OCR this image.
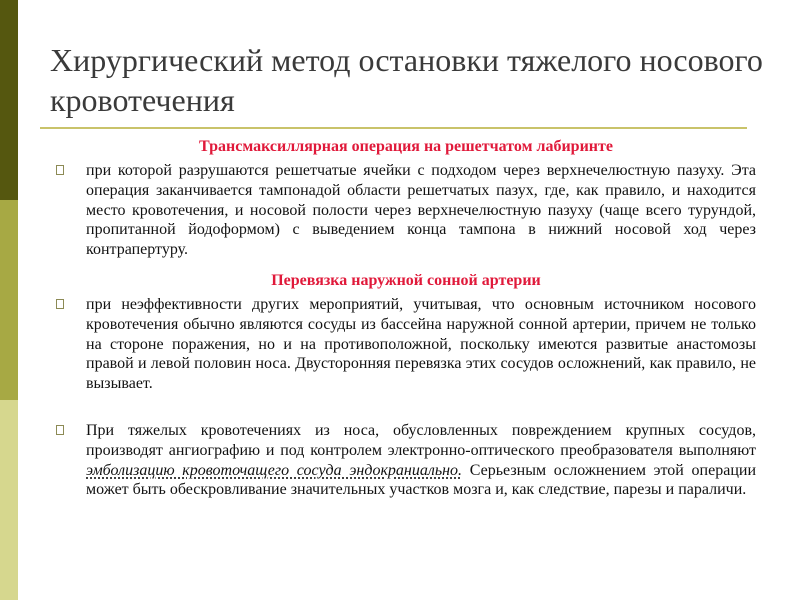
Хирургический метод остановки тяжелого носового кровотечения
Трансмаксиллярная операция на решетчатом лабиринте
при которой разрушаются решетчатые ячейки с подходом через верхнечелюстную пазуху. Эта операция заканчивается тампонадой области решетчатых пазух, где, как правило, и находится место кровотечения, и носовой полости через верхнечелюстную пазуху (чаще всего турундой, пропитанной йодоформом) с выведением конца тампона в нижний носовой ход через контрапертуру.
Перевязка наружной сонной артерии
при неэффективности других мероприятий, учитывая, что основным источником носового кровотечения обычно являются сосуды из бассейна наружной сонной артерии, причем не только на стороне поражения, но и на противоположной, поскольку имеются развитые анастомозы правой и левой половин носа. Двусторонняя перевязка этих сосудов осложнений, как правило, не вызывает.
При тяжелых кровотечениях из носа, обусловленных повреждением крупных сосудов, производят ангиографию и под контролем электронно-оптического преобразователя выполняют эмболизацию кровоточащего сосуда эндокраниально. Серьезным осложнением этой операции может быть обескровливание значительных участков мозга и, как следствие, парезы и параличи.
